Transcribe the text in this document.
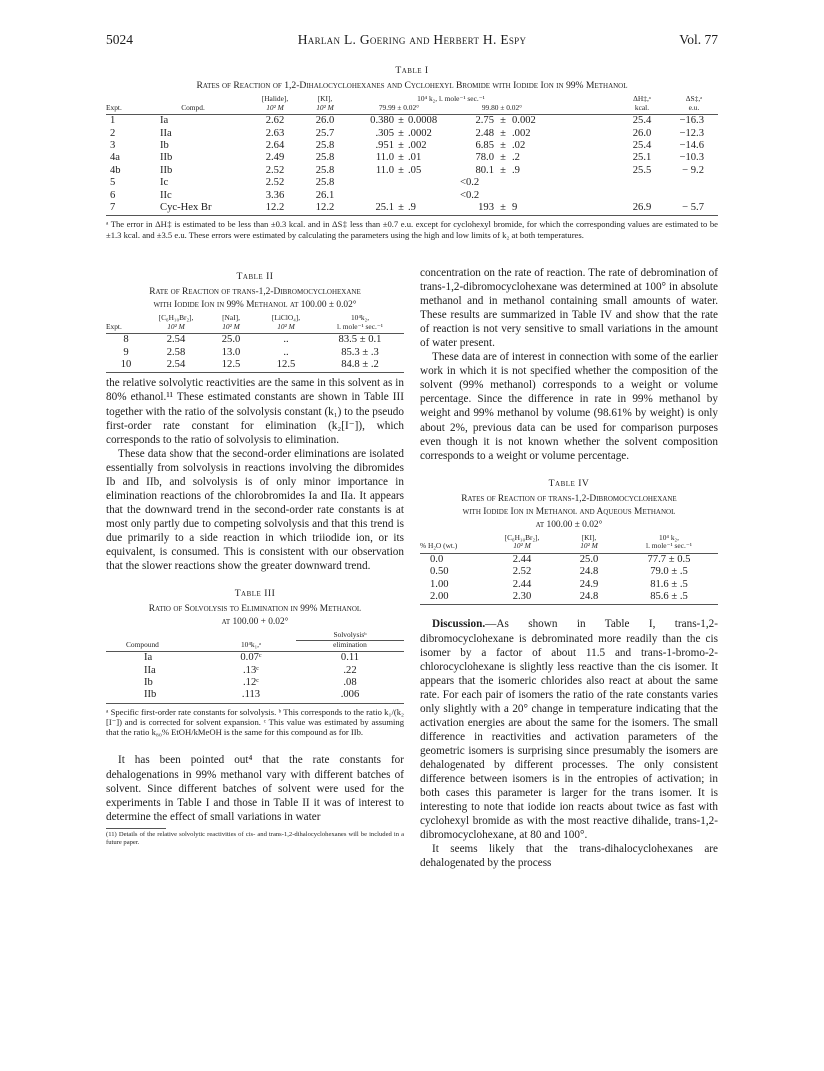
5024	Harlan L. Goering and Herbert H. Espy	Vol. 77
Table I
Rates of Reaction of 1,2-Dihalocyclohexanes and Cyclohexyl Bromide with Iodide Ion in 99% Methanol
		[Halide],	[KI],	10⁴ k₂, l. mole⁻¹ sec.⁻¹							ΔH‡,ᵃ	ΔS‡,ᵃ
Expt.	Compd.	10² M	10² M	79.99 ± 0.02°			99.80 ± 0.02°				kcal.	e.u.

1	Ia	2.62	26.0	0.380	±	0.0008	2.75	±	0.002		25.4	−16.3
2	IIa	2.63	25.7	.305	±	.0002	2.48	±	.002		26.0	−12.3
3	Ib	2.64	25.8	.951	±	.002	6.85	±	.02		25.4	−14.6
4a	IIb	2.49	25.8	11.0	±	.01	78.0	±	.2		25.1	−10.3
4b	IIb	2.52	25.8	11.0	±	.05	80.1	±	.9		25.5	− 9.2
5	Ic	2.52	25.8				<0.2					
6	IIc	3.36	26.1				<0.2					
7	Cyc-Hex Br	12.2	12.2	25.1	±	.9	193	±	9		26.9	− 5.7

ᵃ The error in ΔH‡ is estimated to be less than ±0.3 kcal. and in ΔS‡ less than ±0.7 e.u. except for cyclohexyl bromide, for which the corresponding values are estimated to be ±1.3 kcal. and ±3.5 e.u. These errors were estimated by calculating the parameters using the high and low limits of k₂ at both temperatures.
Table II
Rate of Reaction of trans-1,2-Dibromocyclohexane
with Iodide Ion in 99% Methanol at 100.00 ± 0.02°
	[C₆H₁₀Br₂],	[NaI],	[LiClO₄],	10⁴k₂,
Expt.	10² M	10² M	10² M	l. mole⁻¹ sec.⁻¹

8	2.54	25.0	..	83.5 ± 0.1
9	2.58	13.0	..	85.3 ± .3
10	2.54	12.5	12.5	84.8 ± .2

the relative solvolytic reactivities are the same in this solvent as in 80% ethanol.¹¹ These estimated constants are shown in Table III together with the ratio of the solvolysis constant (k₁) to the pseudo first-order rate constant for elimination (k₂[I⁻]), which corresponds to the ratio of solvolysis to elimination.

These data show that the second-order eliminations are isolated essentially from solvolysis in reactions involving the dibromides Ib and IIb, and solvolysis is of only minor importance in elimination reactions of the chlorobromides Ia and IIa. It appears that the downward trend in the second-order rate constants is at most only partly due to competing solvolysis and that this trend is due primarily to a side reaction in which triiodide ion, or its equivalent, is consumed. This is consistent with our observation that the slower reactions show the greater downward trend.

Table III
Ratio of Solvolysis to Elimination in 99% Methanol
at 100.00 + 0.02°
		Solvolysisᵇ
Compound	10⁴k₁,ᵃ	elimination

Ia	0.07ᶜ	0.11
IIa	.13ᶜ	.22
Ib	.12ᶜ	.08
IIb	.113	.006

ᵃ Specific first-order rate constants for solvolysis. ᵇ This corresponds to the ratio k₁/(k₂ [I⁻]) and is corrected for solvent expansion. ᶜ This value was estimated by assuming that the ratio k₈₀% EtOH/kMeOH is the same for this compound as for IIb.

It has been pointed out⁴ that the rate constants for dehalogenations in 99% methanol vary with different batches of solvent. Since different batches of solvent were used for the experiments in Table I and those in Table II it was of interest to determine the effect of small variations in water

(11) Details of the relative solvolytic reactivities of cis- and trans-1,2-dihalocyclohexanes will be included in a future paper.

concentration on the rate of reaction. The rate of debromination of trans-1,2-dibromocyclohexane was determined at 100° in absolute methanol and in methanol containing small amounts of water. These results are summarized in Table IV and show that the rate of reaction is not very sensitive to small variations in the amount of water present.

These data are of interest in connection with some of the earlier work in which it is not specified whether the composition of the solvent (99% methanol) corresponds to a weight or volume percentage. Since the difference in rate in 99% methanol by weight and 99% methanol by volume (98.61% by weight) is only about 2%, previous data can be used for comparison purposes even though it is not known whether the solvent composition corresponds to a weight or volume percentage.

Table IV
Rates of Reaction of trans-1,2-Dibromocyclohexane
with Iodide Ion in Methanol and Aqueous Methanol
at 100.00 ± 0.02°
	[C₆H₁₀Br₂],	[KI],	10⁴ k₂,
% H₂O (wt.)	10² M	10² M	l. mole⁻¹ sec.⁻¹

0.0	2.44	25.0	77.7 ± 0.5
0.50	2.52	24.8	79.0 ± .5
1.00	2.44	24.9	81.6 ± .5
2.00	2.30	24.8	85.6 ± .5

Discussion.—As shown in Table I, trans-1,2-dibromocyclohexane is debrominated more readily than the cis isomer by a factor of about 11.5 and trans-1-bromo-2-chlorocyclohexane is slightly less reactive than the cis isomer. It appears that the isomeric chlorides also react at about the same rate. For each pair of isomers the ratio of the rate constants varies only slightly with a 20° change in temperature indicating that the activation energies are about the same for the isomers. The small difference in reactivities and activation parameters of the geometric isomers is surprising since presumably the isomers are dehalogenated by different processes. The only consistent difference between isomers is in the entropies of activation; in both cases this parameter is larger for the trans isomer. It is interesting to note that iodide ion reacts about twice as fast with cyclohexyl bromide as with the most reactive dihalide, trans-1,2-dibromocyclohexane, at 80 and 100°.

It seems likely that the trans-dihalocyclohexanes are dehalogenated by the process
